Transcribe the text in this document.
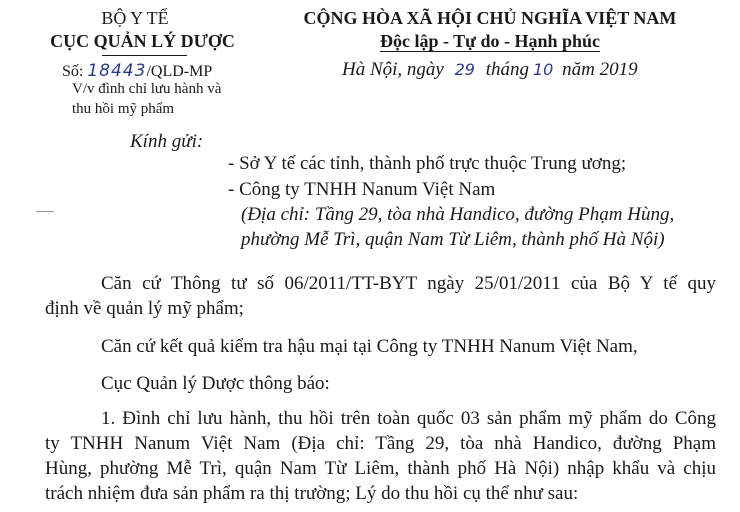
BỘ Y TẾ
CỤC QUẢN LÝ DƯỢC
Số: 18443/QLD-MP
V/v đình chỉ lưu hành và
thu hồi mỹ phẩm
CỘNG HÒA XÃ HỘI CHỦ NGHĨA VIỆT NAM
Độc lập - Tự do - Hạnh phúc
Hà Nội, ngày 29 tháng 10 năm 2019
Kính gửi:
- Sở Y tế các tỉnh, thành phố trực thuộc Trung ương;
- Công ty TNHH Nanum Việt Nam
(Địa chỉ: Tầng 29, tòa nhà Handico, đường Phạm Hùng,
phường Mễ Trì, quận Nam Từ Liêm, thành phố Hà Nội)
Căn cứ Thông tư số 06/2011/TT-BYT ngày 25/01/2011 của Bộ Y tế quy
định về quản lý mỹ phẩm;
Căn cứ kết quả kiểm tra hậu mại tại Công ty TNHH Nanum Việt Nam,
Cục Quản lý Dược thông báo:
1. Đình chỉ lưu hành, thu hồi trên toàn quốc 03 sản phẩm mỹ phẩm do Công
ty TNHH Nanum Việt Nam (Địa chỉ: Tầng 29, tòa nhà Handico, đường Phạm
Hùng, phường Mễ Trì, quận Nam Từ Liêm, thành phố Hà Nội) nhập khẩu và chịu
trách nhiệm đưa sản phẩm ra thị trường; Lý do thu hồi cụ thể như sau:
